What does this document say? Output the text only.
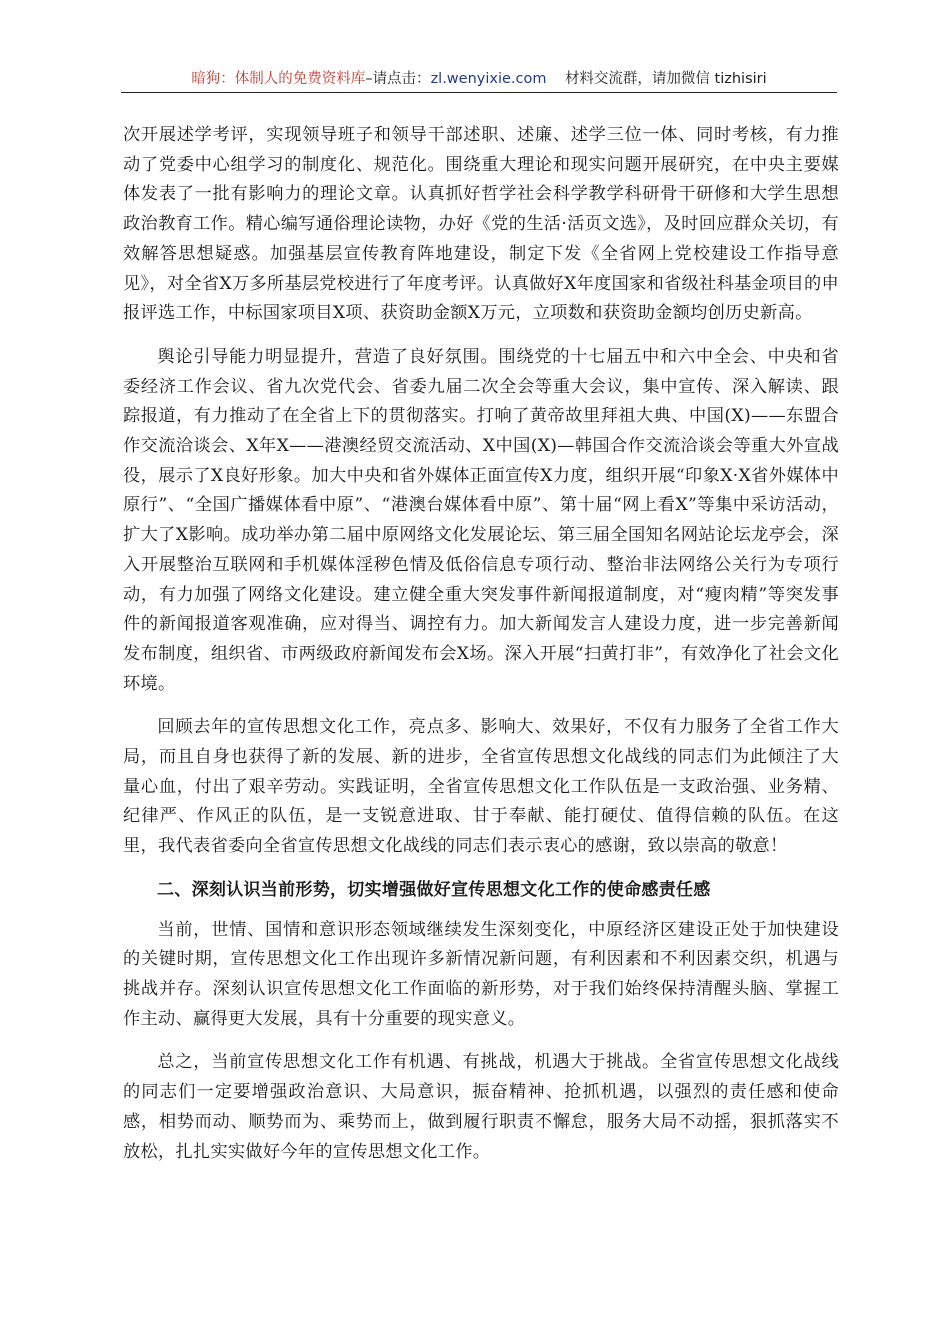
暗狗：体制人的免费资料库–请点击：zl.wenyixie.com 材料交流群，请加微信 tizhisiri

次开展述学考评，实现领导班子和领导干部述职、述廉、述学三位一体、同时考核，有力推动了党委中心组学习的制度化、规范化。围绕重大理论和现实问题开展研究，在中央主要媒体发表了一批有影响力的理论文章。认真抓好哲学社会科学教学科研骨干研修和大学生思想政治教育工作。精心编写通俗理论读物，办好《党的生活·活页文选》，及时回应群众关切，有效解答思想疑惑。加强基层宣传教育阵地建设，制定下发《全省网上党校建设工作指导意见》，对全省X万多所基层党校进行了年度考评。认真做好X年度国家和省级社科基金项目的申报评选工作，中标国家项目X项、获资助金额X万元，立项数和获资助金额均创历史新高。

舆论引导能力明显提升，营造了良好氛围。围绕党的十七届五中和六中全会、中央和省委经济工作会议、省九次党代会、省委九届二次全会等重大会议，集中宣传、深入解读、跟踪报道，有力推动了在全省上下的贯彻落实。打响了黄帝故里拜祖大典、中国(X)——东盟合作交流洽谈会、X年X——港澳经贸交流活动、X中国(X)—韩国合作交流洽谈会等重大外宣战役，展示了X良好形象。加大中央和省外媒体正面宣传X力度，组织开展“印象X·X省外媒体中原行”、“全国广播媒体看中原”、“港澳台媒体看中原”、第十届“网上看X”等集中采访活动，扩大了X影响。成功举办第二届中原网络文化发展论坛、第三届全国知名网站论坛龙亭会，深入开展整治互联网和手机媒体淫秽色情及低俗信息专项行动、整治非法网络公关行为专项行动，有力加强了网络文化建设。建立健全重大突发事件新闻报道制度，对“瘦肉精”等突发事件的新闻报道客观准确，应对得当、调控有力。加大新闻发言人建设力度，进一步完善新闻发布制度，组织省、市两级政府新闻发布会X场。深入开展“扫黄打非”，有效净化了社会文化环境。

回顾去年的宣传思想文化工作，亮点多、影响大、效果好，不仅有力服务了全省工作大局，而且自身也获得了新的发展、新的进步，全省宣传思想文化战线的同志们为此倾注了大量心血，付出了艰辛劳动。实践证明，全省宣传思想文化工作队伍是一支政治强、业务精、纪律严、作风正的队伍，是一支锐意进取、甘于奉献、能打硬仗、值得信赖的队伍。在这里，我代表省委向全省宣传思想文化战线的同志们表示衷心的感谢，致以崇高的敬意！

二、深刻认识当前形势，切实增强做好宣传思想文化工作的使命感责任感

当前，世情、国情和意识形态领域继续发生深刻变化，中原经济区建设正处于加快建设的关键时期，宣传思想文化工作出现许多新情况新问题，有利因素和不利因素交织，机遇与挑战并存。深刻认识宣传思想文化工作面临的新形势，对于我们始终保持清醒头脑、掌握工作主动、赢得更大发展，具有十分重要的现实意义。

总之，当前宣传思想文化工作有机遇、有挑战，机遇大于挑战。全省宣传思想文化战线的同志们一定要增强政治意识、大局意识，振奋精神、抢抓机遇，以强烈的责任感和使命感，相势而动、顺势而为、乘势而上，做到履行职责不懈怠，服务大局不动摇，狠抓落实不放松，扎扎实实做好今年的宣传思想文化工作。
